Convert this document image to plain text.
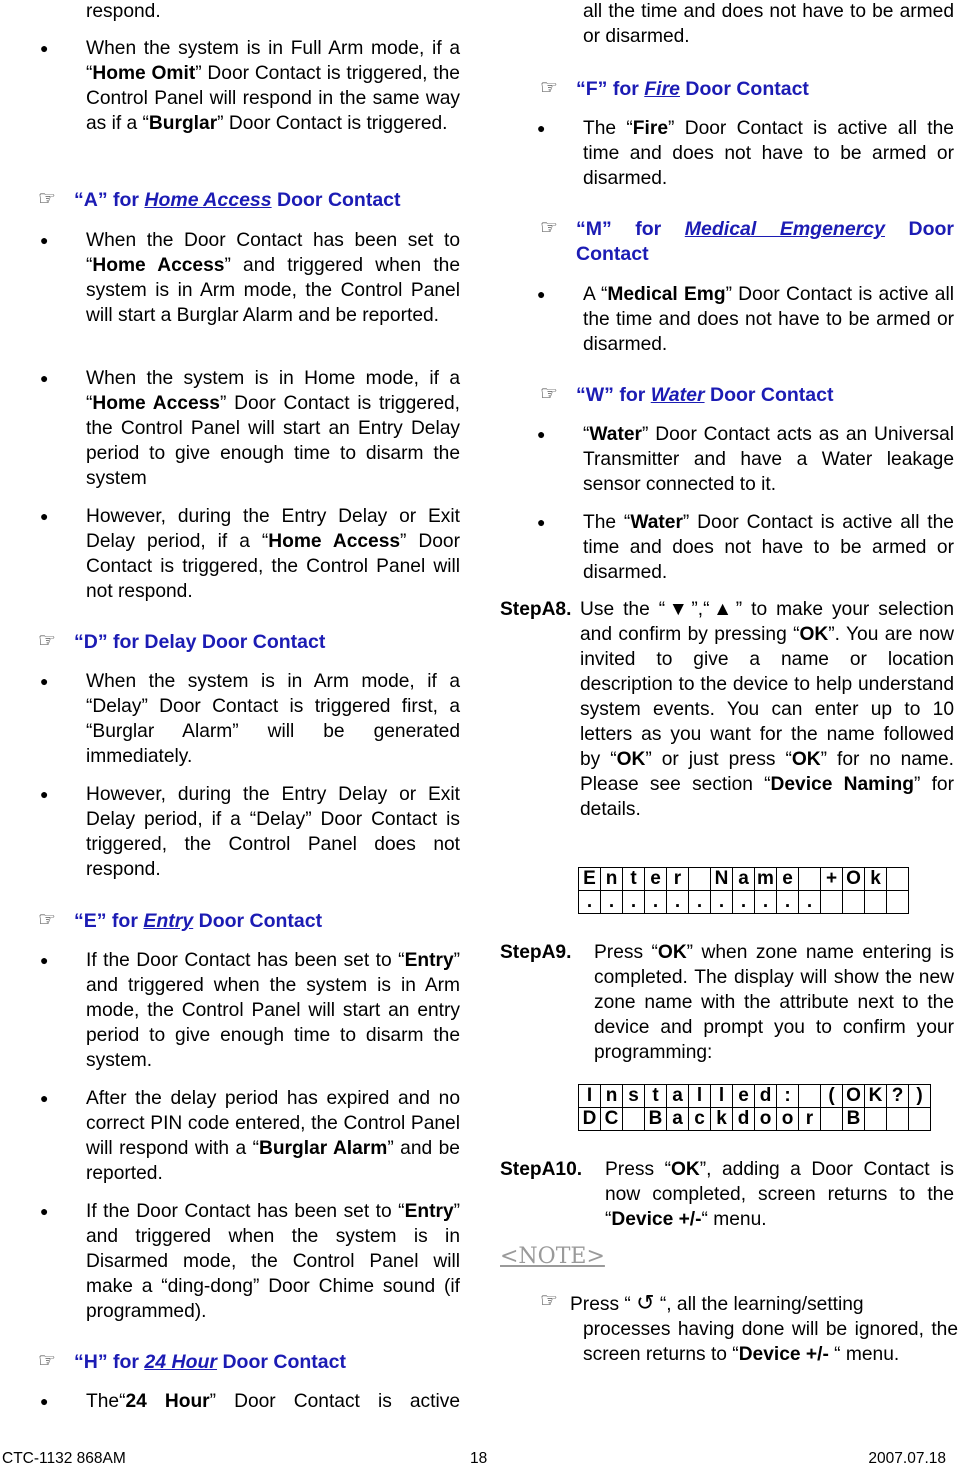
respond.
● When the system is in Full Arm mode, if a “Home Omit” Door Contact is triggered, the Control Panel will respond in the same way as if a “Burglar” Door Contact is triggered.
☞ “A” for Home Access Door Contact
● When the Door Contact has been set to “Home Access” and triggered when the system is in Arm mode, the Control Panel will start a Burglar Alarm and be reported.
● When the system is in Home mode, if a “Home Access” Door Contact is triggered, the Control Panel will start an Entry Delay period to give enough time to disarm the system
● However, during the Entry Delay or Exit Delay period, if a “Home Access” Door Contact is triggered, the Control Panel will not respond.
☞ “D” for Delay Door Contact
● When the system is in Arm mode, if a “Delay” Door Contact is triggered first, a “Burglar Alarm” will be generated immediately.
● However, during the Entry Delay or Exit Delay period, if a “Delay” Door Contact is triggered, the Control Panel does not respond.
☞ “E” for Entry Door Contact
● If the Door Contact has been set to “Entry” and triggered when the system is in Arm mode, the Control Panel will start an entry period to give enough time to disarm the system.
● After the delay period has expired and no correct PIN code entered, the Control Panel will respond with a “Burglar Alarm” and be reported.
● If the Door Contact has been set to “Entry” and triggered when the system is in Disarmed mode, the Control Panel will make a “ding-dong” Door Chime sound (if programmed).
☞ “H” for 24 Hour Door Contact
● The“24 Hour” Door Contact is active
all the time and does not have to be armed or disarmed.
☞ “F” for Fire Door Contact
● The “Fire” Door Contact is active all the time and does not have to be armed or disarmed.
☞ “M” for Medical Emgenercy Door Contact
● A “Medical Emg” Door Contact is active all the time and does not have to be armed or disarmed.
☞ “W” for Water Door Contact
● “Water” Door Contact acts as an Universal Transmitter and have a Water leakage sensor connected to it.
● The “Water” Door Contact is active all the time and does not have to be armed or disarmed.
StepA8. Use the “▼”,“▲” to make your selection and confirm by pressing “OK”. You are now invited to give a name or location description to the device to help understand system events. You can enter up to 10 letters as you want for the name followed by “OK” or just press “OK” for no name. Please see section “Device Naming” for details.
E	n	t	e	r		N	a	m	e		+	O	k	
.	.	.	.	.	.	.	.	.	.	.				
StepA9. Press “OK” when zone name entering is completed. The display will show the new zone name with the attribute next to the device and prompt you to confirm your programming:
I	n	s	t	a	l	l	e	d	:		(	O	K	?	)
D	C		B	a	c	k	d	o	o	r		B			
StepA10. Press “OK”, adding a Door Contact is now completed, screen returns to the “Device +/-“ menu.
<NOTE>
☞ Press “ ↺ “, all the learning/setting
processes having done will be ignored, the screen returns to “Device +/- “ menu.
CTC-1132 868AM	18	2007.07.18
